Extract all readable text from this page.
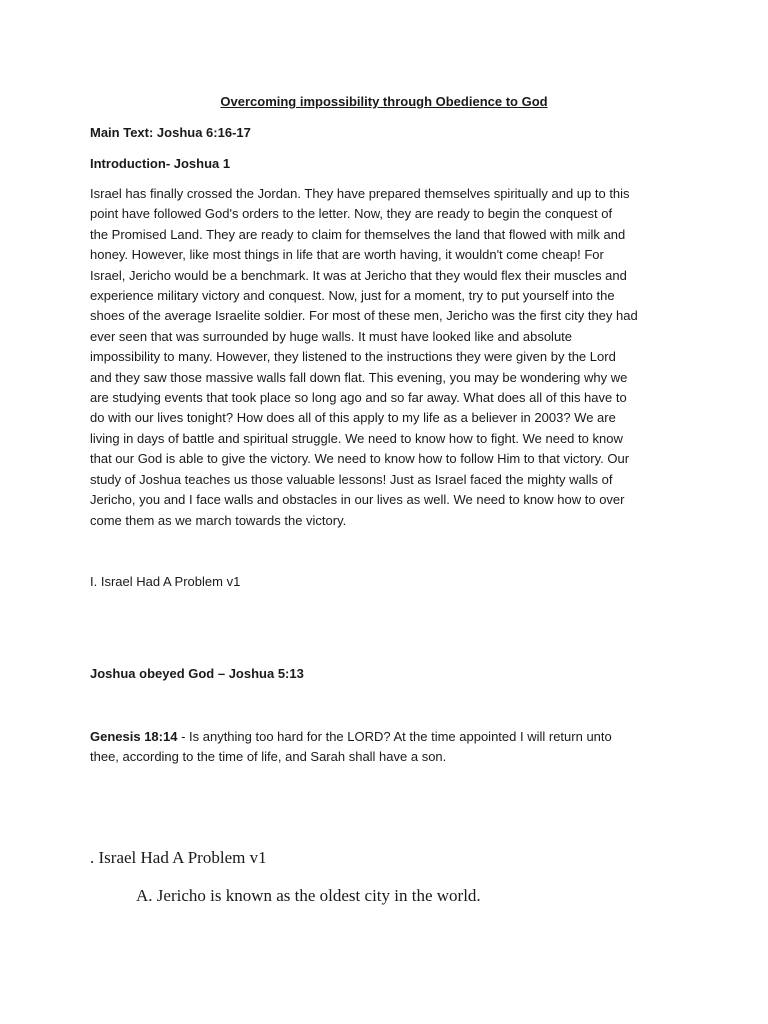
Overcoming impossibility through Obedience to God
Main Text: Joshua 6:16-17
Introduction- Joshua 1
Israel has finally crossed the Jordan. They have prepared themselves spiritually and up to this
point have followed God's orders to the letter. Now, they are ready to begin the conquest of
the Promised Land. They are ready to claim for themselves the land that flowed with milk and
honey. However, like most things in life that are worth having, it wouldn't come cheap! For
Israel, Jericho would be a benchmark. It was at Jericho that they would flex their muscles and
experience military victory and conquest. Now, just for a moment, try to put yourself into the
shoes of the average Israelite soldier. For most of these men, Jericho was the first city they had
ever seen that was surrounded by huge walls. It must have looked like and absolute
impossibility to many. However, they listened to the instructions they were given by the Lord
and they saw those massive walls fall down flat. This evening, you may be wondering why we
are studying events that took place so long ago and so far away. What does all of this have to
do with our lives tonight? How does all of this apply to my life as a believer in 2003? We are
living in days of battle and spiritual struggle. We need to know how to fight. We need to know
that our God is able to give the victory. We need to know how to follow Him to that victory. Our
study of Joshua teaches us those valuable lessons! Just as Israel faced the mighty walls of
Jericho, you and I face walls and obstacles in our lives as well. We need to know how to over
come them as we march towards the victory.
I. Israel Had A Problem v1
Joshua obeyed God – Joshua 5:13
Genesis 18:14 - Is anything too hard for the LORD? At the time appointed I will return unto
thee, according to the time of life, and Sarah shall have a son.
. Israel Had A Problem v1
A. Jericho is known as the oldest city in the world.
